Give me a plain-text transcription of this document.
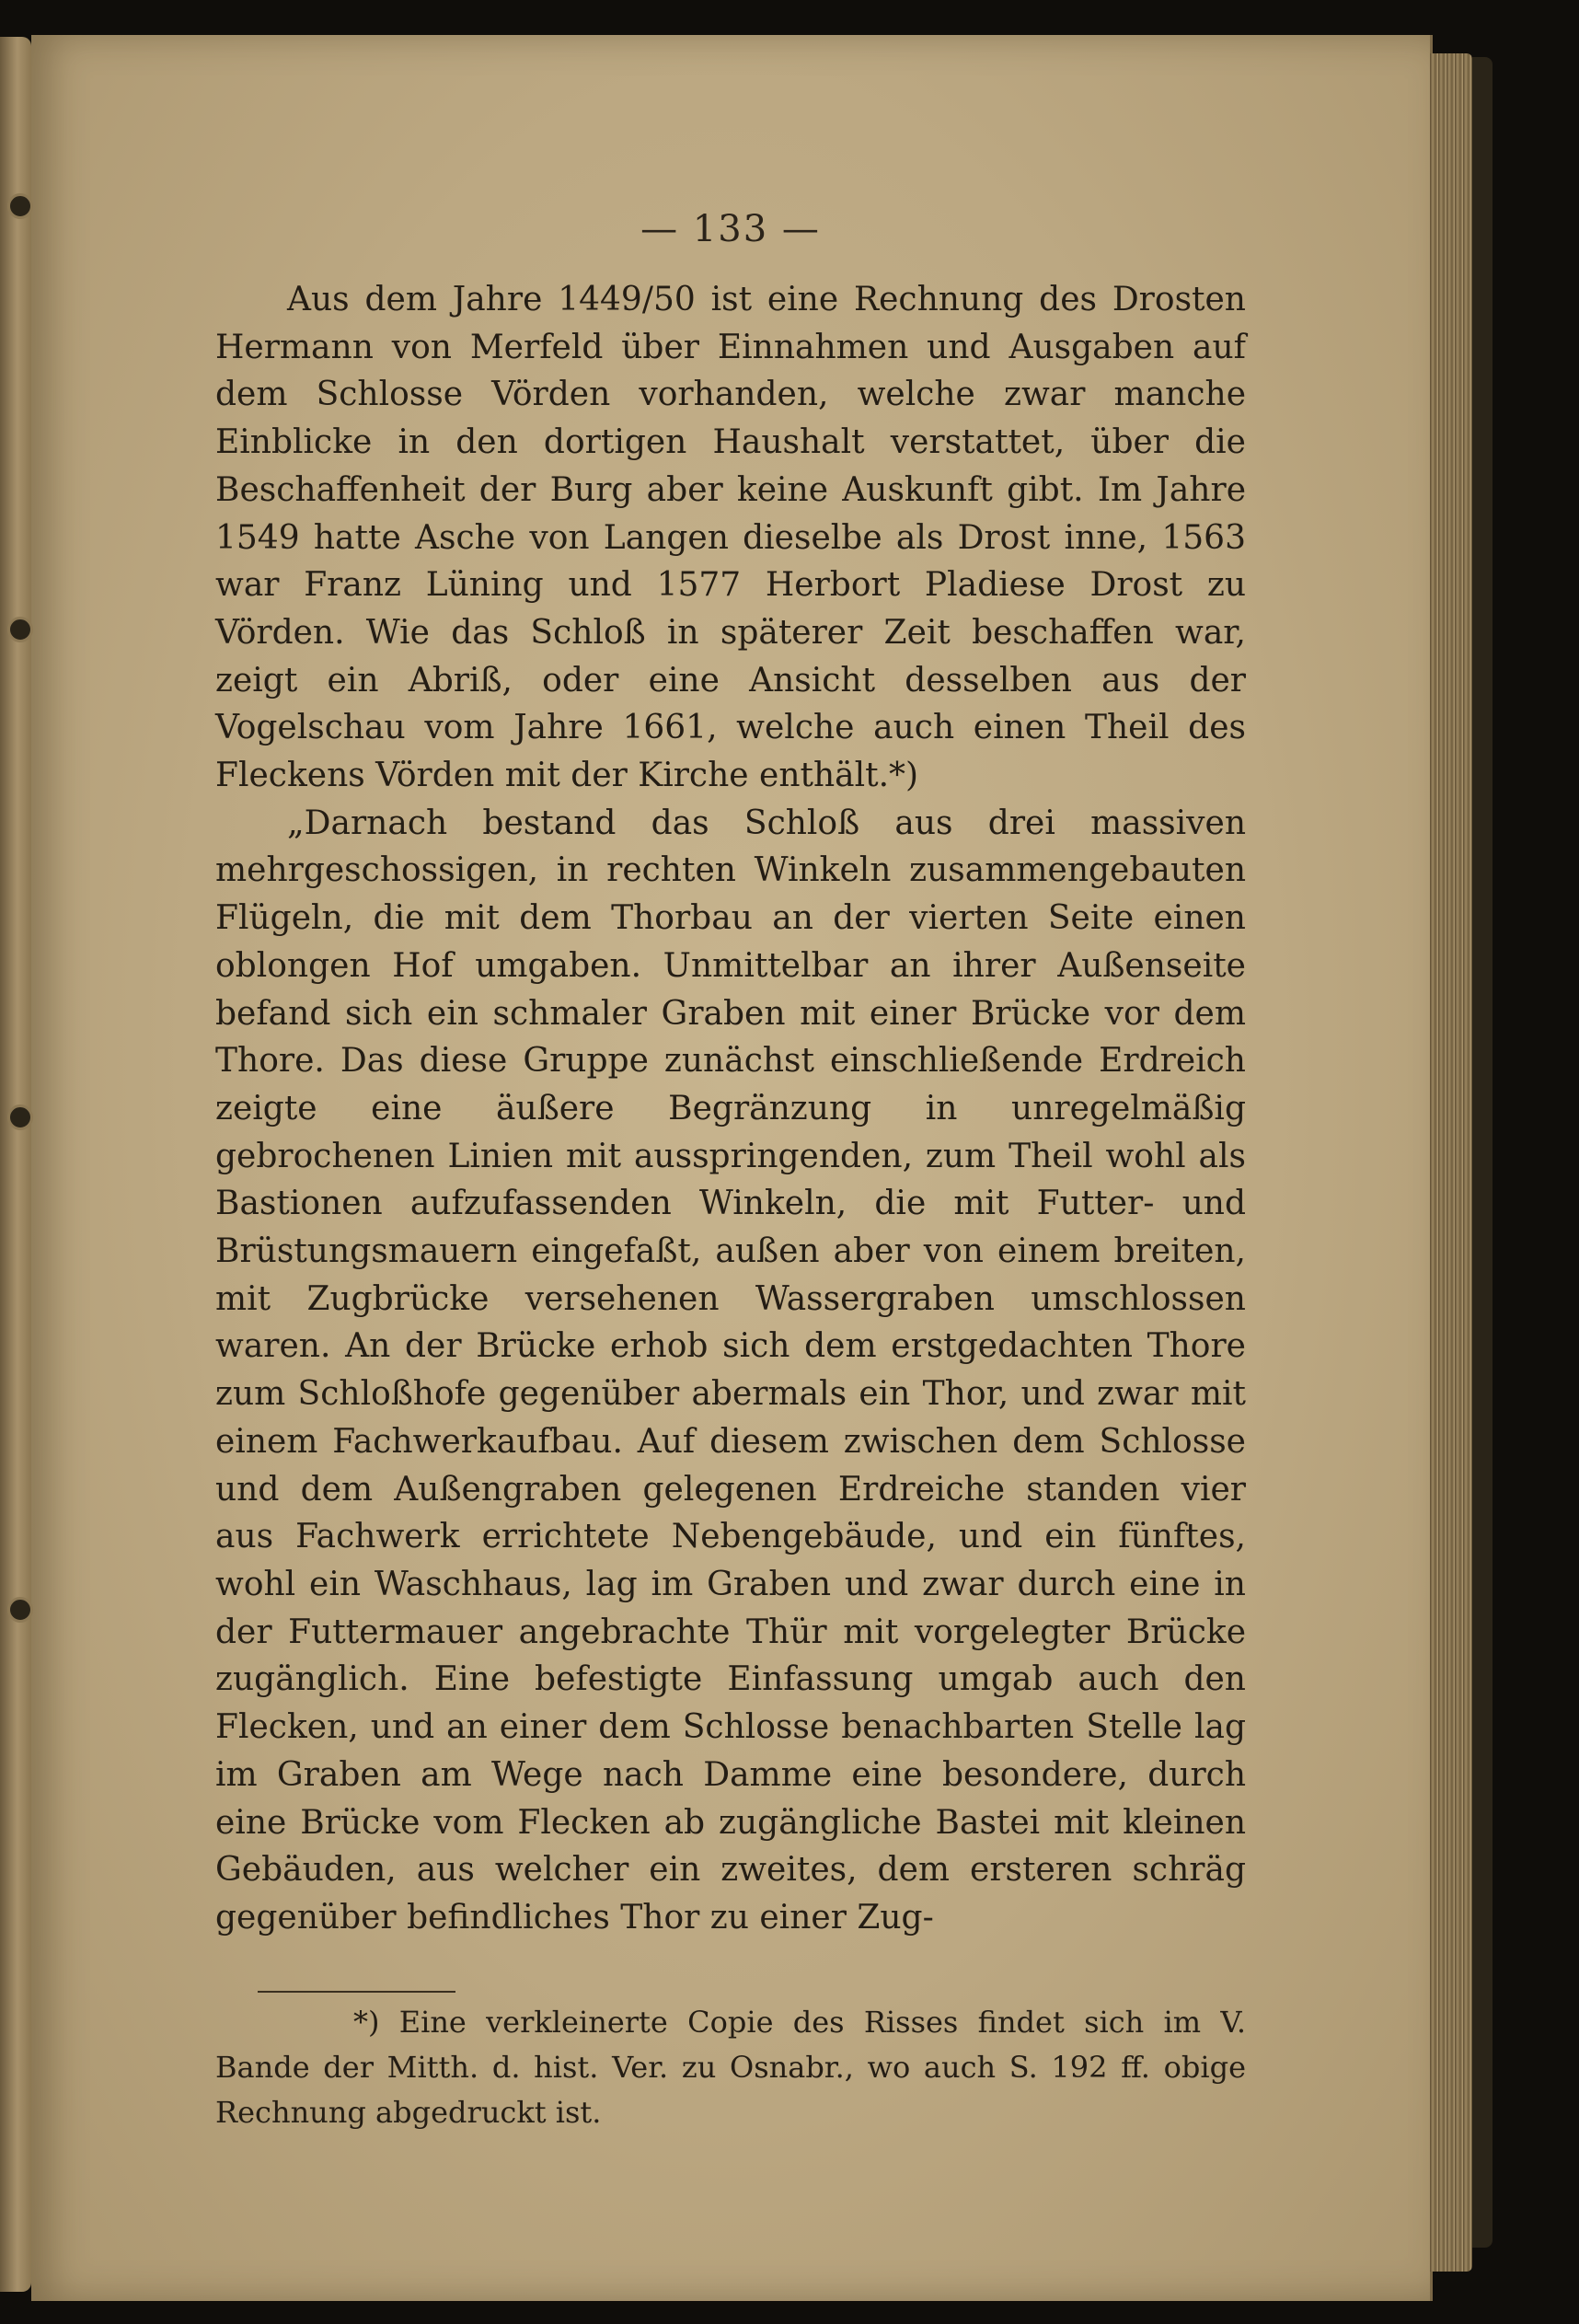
— 133 —

Aus dem Jahre 1449/50 ist eine Rechnung des Drosten Hermann von Merfeld über Einnahmen und Ausgaben auf dem Schlosse Vörden vorhanden, welche zwar manche Einblicke in den dortigen Haushalt verstattet, über die Beschaffenheit der Burg aber keine Auskunft gibt. Im Jahre 1549 hatte Asche von Langen dieselbe als Drost inne, 1563 war Franz Lüning und 1577 Herbort Pladiese Drost zu Vörden. Wie das Schloß in späterer Zeit beschaffen war, zeigt ein Abriß, oder eine Ansicht desselben aus der Vogelschau vom Jahre 1661, welche auch einen Theil des Fleckens Vörden mit der Kirche enthält.*)

„Darnach bestand das Schloß aus drei massiven mehrgeschossigen, in rechten Winkeln zusammengebauten Flügeln, die mit dem Thorbau an der vierten Seite einen oblongen Hof umgaben. Unmittelbar an ihrer Außenseite befand sich ein schmaler Graben mit einer Brücke vor dem Thore. Das diese Gruppe zunächst einschließende Erdreich zeigte eine äußere Begränzung in unregelmäßig gebrochenen Linien mit ausspringenden, zum Theil wohl als Bastionen aufzufassenden Winkeln, die mit Futter- und Brüstungsmauern eingefaßt, außen aber von einem breiten, mit Zugbrücke versehenen Wassergraben umschlossen waren. An der Brücke erhob sich dem erstgedachten Thore zum Schloßhofe gegenüber abermals ein Thor, und zwar mit einem Fachwerkaufbau. Auf diesem zwischen dem Schlosse und dem Außengraben gelegenen Erdreiche standen vier aus Fachwerk errichtete Nebengebäude, und ein fünftes, wohl ein Waschhaus, lag im Graben und zwar durch eine in der Futtermauer angebrachte Thür mit vorgelegter Brücke zugänglich. Eine befestigte Einfassung umgab auch den Flecken, und an einer dem Schlosse benachbarten Stelle lag im Graben am Wege nach Damme eine besondere, durch eine Brücke vom Flecken ab zugängliche Bastei mit kleinen Gebäuden, aus welcher ein zweites, dem ersteren schräg gegenüber befindliches Thor zu einer Zug-

*) Eine verkleinerte Copie des Risses findet sich im V. Bande der Mitth. d. hist. Ver. zu Osnabr., wo auch S. 192 ff. obige Rechnung abgedruckt ist.
